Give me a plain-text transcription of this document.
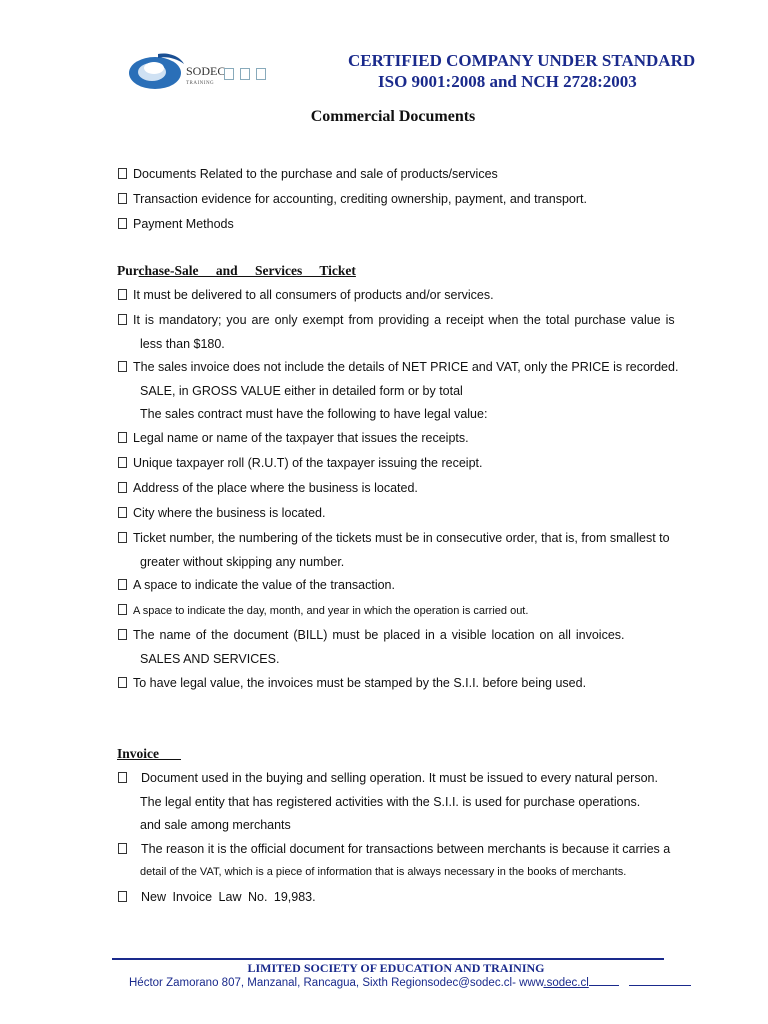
SODEC
TRAINING
CERTIFIED COMPANY UNDER STANDARD
ISO 9001:2008 and NCH 2728:2003
Commercial Documents
Documents Related to the purchase and sale of products/services
Transaction evidence for accounting, crediting ownership, payment, and transport.
Payment Methods
Purchase-Sale and Services Ticket
It must be delivered to all consumers of products and/or services.
It is mandatory; you are only exempt from providing a receipt when the total purchase value is
less than $180.
The sales invoice does not include the details of NET PRICE and VAT, only the PRICE is recorded.
SALE, in GROSS VALUE either in detailed form or by total
The sales contract must have the following to have legal value:
Legal name or name of the taxpayer that issues the receipts.
Unique taxpayer roll (R.U.T) of the taxpayer issuing the receipt.
Address of the place where the business is located.
City where the business is located.
Ticket number, the numbering of the tickets must be in consecutive order, that is, from smallest to
greater without skipping any number.
A space to indicate the value of the transaction.
A space to indicate the day, month, and year in which the operation is carried out.
The name of the document (BILL) must be placed in a visible location on all invoices.
SALES AND SERVICES.
To have legal value, the invoices must be stamped by the S.I.I. before being used.
Invoice
Document used in the buying and selling operation. It must be issued to every natural person.
The legal entity that has registered activities with the S.I.I. is used for purchase operations.
and sale among merchants
The reason it is the official document for transactions between merchants is because it carries a
detail of the VAT, which is a piece of information that is always necessary in the books of merchants.
New Invoice Law No. 19,983.
LIMITED SOCIETY OF EDUCATION AND TRAINING
Héctor Zamorano 807, Manzanal, Rancagua, Sixth Regionsodec@sodec.cl- www.sodec.cl
